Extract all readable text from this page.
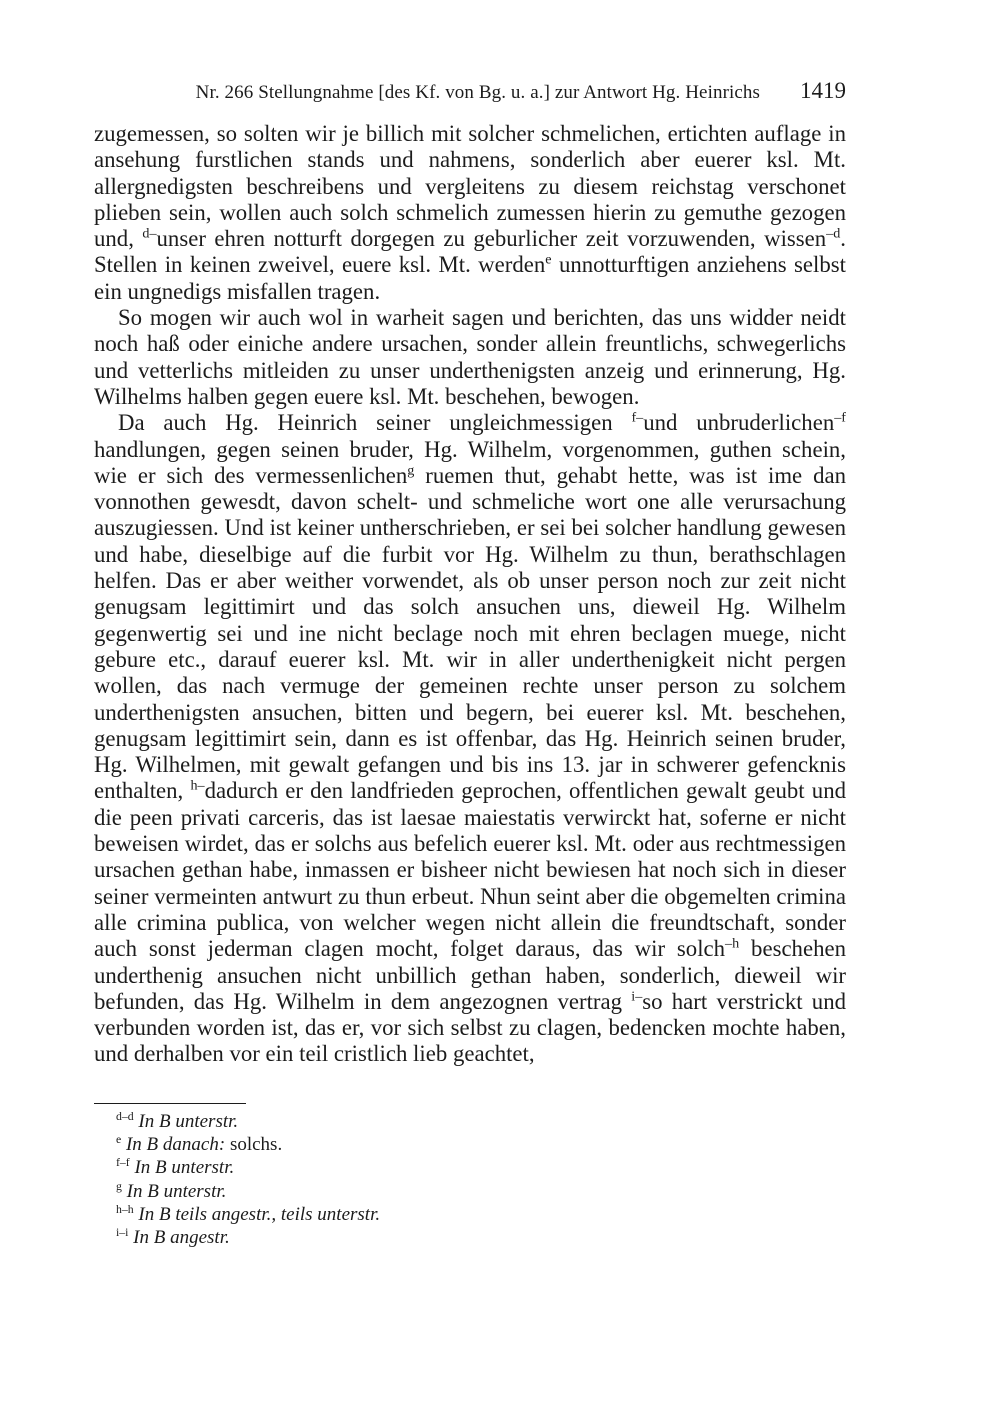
Nr. 266 Stellungnahme [des Kf. von Bg. u. a.] zur Antwort Hg. Heinrichs 1419

zugemessen, so solten wir je billich mit solcher schmelichen, ertichten auflage in ansehung furstlichen stands und nahmens, sonderlich aber euerer ksl. Mt. allergnedigsten beschreibens und vergleitens zu diesem reichstag verschonet plieben sein, wollen auch solch schmelich zumessen hierin zu gemuthe gezogen und, $^{d-}$unser ehren notturft dorgegen zu geburlicher zeit vorzuwenden, wissen$^{-d}$. Stellen in keinen zweivel, euere ksl. Mt. werden$^e$ unnotturftigen anziehens selbst ein ungnedigs misfallen tragen.

So mogen wir auch wol in warheit sagen und berichten, das uns widder neidt noch haß oder einiche andere ursachen, sonder allein freuntlichs, schwegerlichs und vetterlichs mitleiden zu unser underthenigsten anzeig und erinnerung, Hg. Wilhelms halben gegen euere ksl. Mt. beschehen, bewogen.

Da auch Hg. Heinrich seiner ungleichmessigen $^{f-}$und unbruderlichen$^{-f}$ handlungen, gegen seinen bruder, Hg. Wilhelm, vorgenommen, guthen schein, wie er sich des vermessenlichen$^g$ ruemen thut, gehabt hette, was ist ime dan vonnothen gewesdt, davon schelt- und schmeliche wort one alle verursachung auszugiessen. Und ist keiner untherschrieben, er sei bei solcher handlung gewesen und habe, dieselbige auf die furbit vor Hg. Wilhelm zu thun, berathschlagen helfen. Das er aber weither vorwendet, als ob unser person noch zur zeit nicht genugsam legittimirt und das solch ansuchen uns, dieweil Hg. Wilhelm gegenwertig sei und ine nicht beclage noch mit ehren beclagen muege, nicht gebure etc., darauf euerer ksl. Mt. wir in aller underthenigkeit nicht pergen wollen, das nach vermuge der gemeinen rechte unser person zu solchem underthenigsten ansuchen, bitten und begern, bei euerer ksl. Mt. beschehen, genugsam legittimirt sein, dann es ist offenbar, das Hg. Heinrich seinen bruder, Hg. Wilhelmen, mit gewalt gefangen und bis ins 13. jar in schwerer gefencknis enthalten, $^{h-}$dadurch er den landfrieden geprochen, offentlichen gewalt geubt und die peen privati carceris, das ist laesae maiestatis verwirckt hat, soferne er nicht beweisen wirdet, das er solchs aus befelich euerer ksl. Mt. oder aus rechtmessigen ursachen gethan habe, inmassen er bisheer nicht bewiesen hat noch sich in dieser seiner vermeinten antwurt zu thun erbeut. Nhun seint aber die obgemelten crimina alle crimina publica, von welcher wegen nicht allein die freundtschaft, sonder auch sonst jederman clagen mocht, folget daraus, das wir solch$^{-h}$ beschehen underthenig ansuchen nicht unbillich gethan haben, sonderlich, dieweil wir befunden, das Hg. Wilhelm in dem angezognen vertrag $^{i-}$so hart verstrickt und verbunden worden ist, das er, vor sich selbst zu clagen, bedencken mochte haben, und derhalben vor ein teil cristlich lieb geachtet,

$^{d-d}$ In B unterstr.
$^e$ In B danach: solchs.
$^{f-f}$ In B unterstr.
$^g$ In B unterstr.
$^{h-h}$ In B teils angestr., teils unterstr.
$^{i-i}$ In B angestr.
